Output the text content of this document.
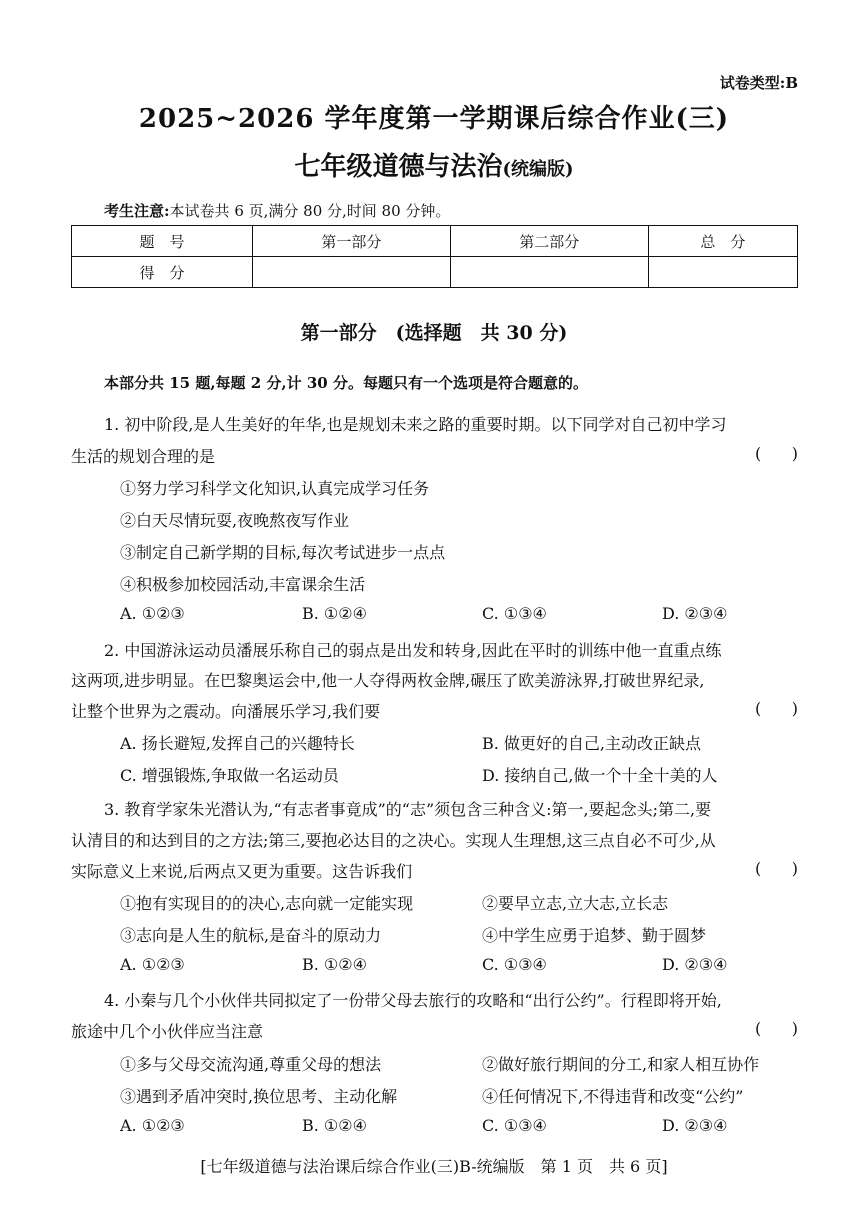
试卷类型:B
2025~2026 学年度第一学期课后综合作业(三)
七年级道德与法治(统编版)
考生注意:本试卷共 6 页,满分 80 分,时间 80 分钟。
题　号	第一部分	第二部分	总　分
得　分			
第一部分　(选择题　共 30 分)
本部分共 15 题,每题 2 分,计 30 分。每题只有一个选项是符合题意的。
1. 初中阶段,是人生美好的年华,也是规划未来之路的重要时期。以下同学对自己初中学习
生活的规划合理的是	(      )
①努力学习科学文化知识,认真完成学习任务
②白天尽情玩耍,夜晚熬夜写作业
③制定自己新学期的目标,每次考试进步一点点
④积极参加校园活动,丰富课余生活
A. ①②③	B. ①②④	C. ①③④	D. ②③④
2. 中国游泳运动员潘展乐称自己的弱点是出发和转身,因此在平时的训练中他一直重点练
这两项,进步明显。在巴黎奥运会中,他一人夺得两枚金牌,碾压了欧美游泳界,打破世界纪录,
让整个世界为之震动。向潘展乐学习,我们要	(      )
A. 扬长避短,发挥自己的兴趣特长	B. 做更好的自己,主动改正缺点
C. 增强锻炼,争取做一名运动员	D. 接纳自己,做一个十全十美的人
3. 教育学家朱光潜认为,“有志者事竟成”的“志”须包含三种含义:第一,要起念头;第二,要
认清目的和达到目的之方法;第三,要抱必达目的之决心。实现人生理想,这三点自必不可少,从
实际意义上来说,后两点又更为重要。这告诉我们	(      )
①抱有实现目的的决心,志向就一定能实现	②要早立志,立大志,立长志
③志向是人生的航标,是奋斗的原动力	④中学生应勇于追梦、勤于圆梦
A. ①②③	B. ①②④	C. ①③④	D. ②③④
4. 小秦与几个小伙伴共同拟定了一份带父母去旅行的攻略和“出行公约”。行程即将开始,
旅途中几个小伙伴应当注意	(      )
①多与父母交流沟通,尊重父母的想法	②做好旅行期间的分工,和家人相互协作
③遇到矛盾冲突时,换位思考、主动化解	④任何情况下,不得违背和改变“公约”
A. ①②③	B. ①②④	C. ①③④	D. ②③④
[七年级道德与法治课后综合作业(三)B-统编版　第 1 页　共 6 页]
